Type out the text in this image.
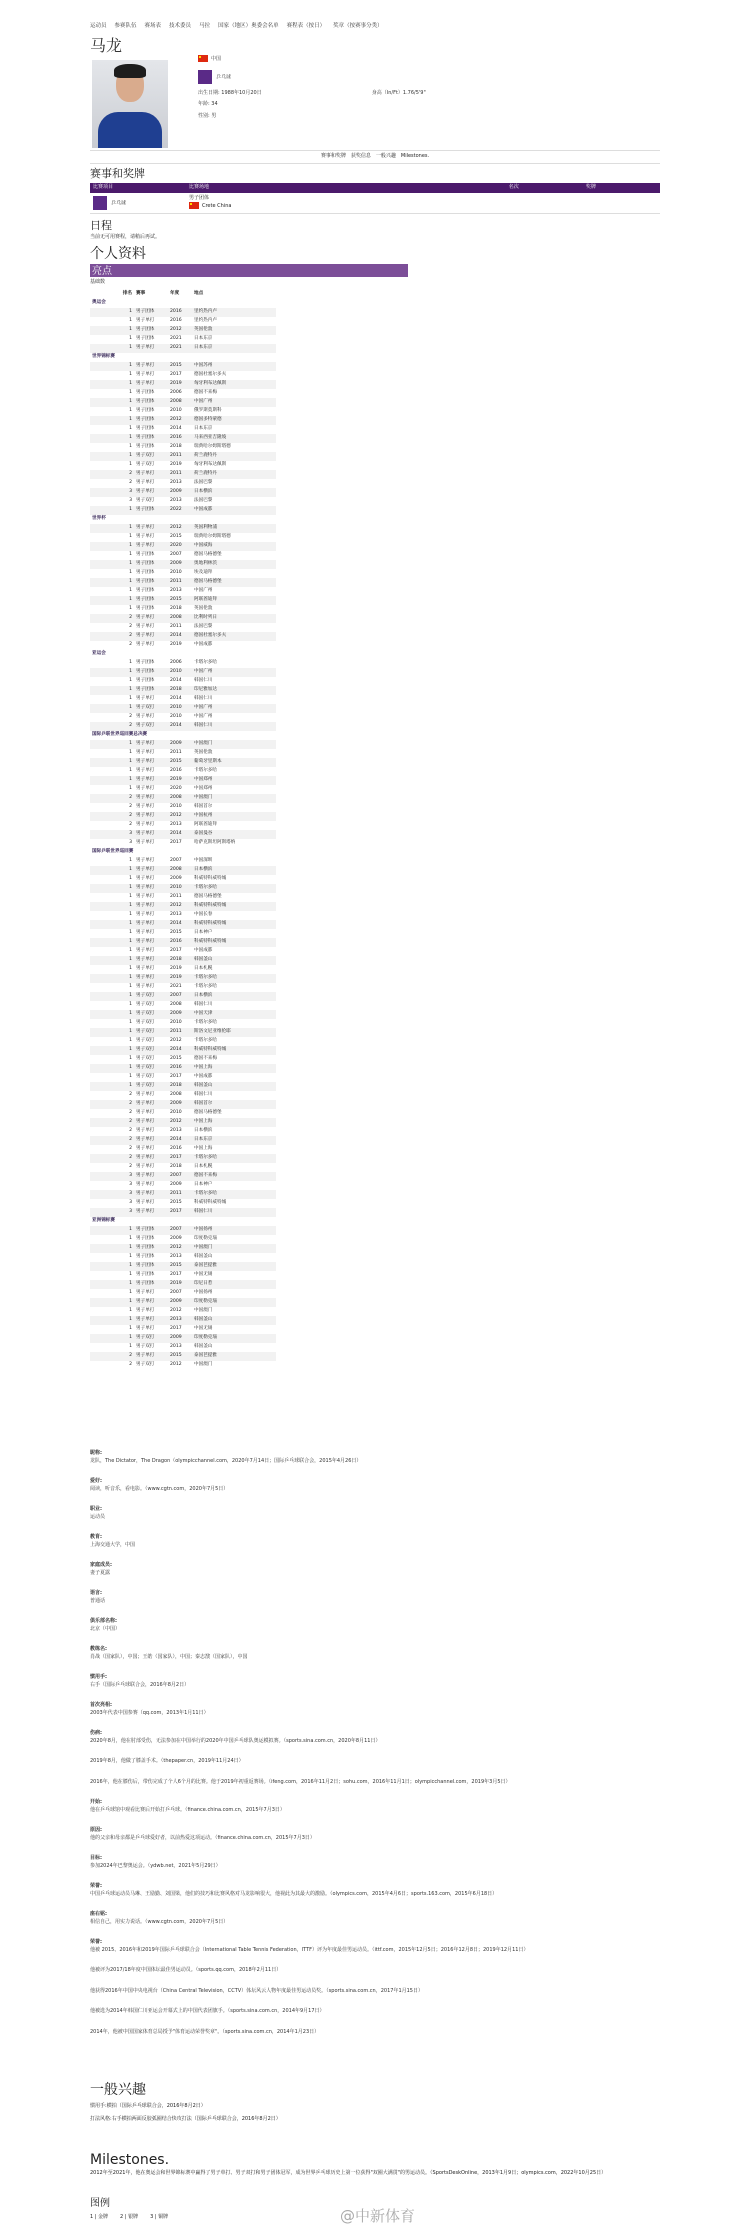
运动员 参赛队伍 赛场表 技术委员 马拉 国家（地区）奥委会名单 赛程表（按日） 奖章（按赛事分类）
马龙
中国
乒乓球
出生日期: 1988年10月20日	身高（In/Ft）1.76/5'9"
年龄: 34
性别: 男
赛事和奖牌　获奖信息　一般兴趣　Milestones.
赛事和奖牌
比赛项目	比赛场地				名次	奖牌
乒乓球	男子团体
Crete China					
日程
当前无可用赛程，请稍后再试。
个人资料
亮点
基础数
排名	赛事	年度	地点
奥运会			
1	男子团体	2016	里约热内卢
1	男子单打	2016	里约热内卢
1	男子团体	2012	英国伦敦
1	男子团体	2021	日本东京
1	男子单打	2021	日本东京
世界锦标赛			
1	男子单打	2015	中国苏州
1	男子单打	2017	德国杜塞尔多夫
1	男子单打	2019	匈牙利布达佩斯
1	男子团体	2006	德国不来梅
1	男子团体	2008	中国广州
1	男子团体	2010	俄罗斯莫斯科
1	男子团体	2012	德国多特蒙德
1	男子团体	2014	日本东京
1	男子团体	2016	马来西亚吉隆坡
1	男子团体	2018	瑞典哈尔姆斯塔德
1	男子双打	2011	荷兰鹿特丹
1	男子双打	2019	匈牙利布达佩斯
2	男子单打	2011	荷兰鹿特丹
2	男子单打	2013	法国巴黎
3	男子单打	2009	日本横滨
3	男子双打	2013	法国巴黎
1	男子团体	2022	中国成都
世界杯			
1	男子单打	2012	英国利物浦
1	男子单打	2015	瑞典哈尔姆斯塔德
1	男子单打	2020	中国威海
1	男子团体	2007	德国马格德堡
1	男子团体	2009	奥地利林茨
1	男子团体	2010	埃及迪拜
1	男子团体	2011	德国马格德堡
1	男子团体	2013	中国广州
1	男子团体	2015	阿联酋迪拜
1	男子团体	2018	英国伦敦
2	男子单打	2008	比利时列日
2	男子单打	2011	法国巴黎
2	男子单打	2014	德国杜塞尔多夫
2	男子单打	2019	中国成都
亚运会			
1	男子团体	2006	卡塔尔多哈
1	男子团体	2010	中国广州
1	男子团体	2014	韩国仁川
1	男子团体	2018	印尼雅加达
1	男子单打	2014	韩国仁川
1	男子双打	2010	中国广州
2	男子单打	2010	中国广州
2	男子双打	2014	韩国仁川
国际乒联世界巡回赛总决赛			
1	男子单打	2009	中国澳门
1	男子单打	2011	英国伦敦
1	男子单打	2015	葡萄牙里斯本
1	男子单打	2016	卡塔尔多哈
1	男子单打	2019	中国郑州
1	男子单打	2020	中国郑州
2	男子单打	2008	中国澳门
2	男子单打	2010	韩国首尔
2	男子单打	2012	中国杭州
2	男子单打	2013	阿联酋迪拜
3	男子单打	2014	泰国曼谷
3	男子单打	2017	哈萨克斯坦阿斯塔纳
国际乒联世界巡回赛			
1	男子单打	2007	中国深圳
1	男子单打	2008	日本横滨
1	男子单打	2009	科威特科威特城
1	男子单打	2010	卡塔尔多哈
1	男子单打	2011	德国马格德堡
1	男子单打	2012	科威特科威特城
1	男子单打	2013	中国长春
1	男子单打	2014	科威特科威特城
1	男子单打	2015	日本神户
1	男子单打	2016	科威特科威特城
1	男子单打	2017	中国成都
1	男子单打	2018	韩国釜山
1	男子单打	2019	日本札幌
1	男子单打	2019	卡塔尔多哈
1	男子单打	2021	卡塔尔多哈
1	男子双打	2007	日本横滨
1	男子双打	2008	韩国仁川
1	男子双打	2009	中国天津
1	男子双打	2010	卡塔尔多哈
1	男子双打	2011	斯洛文尼亚维伦耶
1	男子双打	2012	卡塔尔多哈
1	男子双打	2014	科威特科威特城
1	男子双打	2015	德国不来梅
1	男子双打	2016	中国上海
1	男子双打	2017	中国成都
1	男子双打	2018	韩国釜山
2	男子单打	2008	韩国仁川
2	男子单打	2009	韩国首尔
2	男子单打	2010	德国马格德堡
2	男子单打	2012	中国上海
2	男子单打	2013	日本横滨
2	男子单打	2014	日本东京
2	男子单打	2016	中国上海
2	男子单打	2017	卡塔尔多哈
2	男子单打	2018	日本札幌
3	男子单打	2007	德国不来梅
3	男子单打	2009	日本神户
3	男子单打	2011	卡塔尔多哈
3	男子单打	2015	科威特科威特城
3	男子单打	2017	韩国仁川
亚洲锦标赛			
1	男子团体	2007	中国扬州
1	男子团体	2009	印度勒克瑙
1	男子团体	2012	中国澳门
1	男子团体	2013	韩国釜山
1	男子团体	2015	泰国芭提雅
1	男子团体	2017	中国无锡
1	男子团体	2019	印尼日惹
1	男子单打	2007	中国扬州
1	男子单打	2009	印度勒克瑙
1	男子单打	2012	中国澳门
1	男子单打	2013	韩国釜山
1	男子单打	2017	中国无锡
1	男子双打	2009	印度勒克瑙
1	男子双打	2013	韩国釜山
2	男子单打	2015	泰国芭提雅
2	男子双打	2012	中国澳门

昵称:
龙队，The Dictator，The Dragon（olympicchannel.com，2020年7月14日；国际乒乓球联合会，2015年4月26日）

爱好:
阅读，听音乐，看电影。（www.cgtn.com，2020年7月5日）

职业:
运动员

教育:
上海交通大学，中国

家庭成员:
妻子夏露

语言:
普通话

俱乐部名称:
北京（中国）

教练名:
肖战（国家队），中国；王皓（国家队），中国；秦志戬（国家队），中国

惯用手:
右手（国际乒乓球联合会，2016年8月2日）

首次亮相:
2003年代表中国参赛（qq.com，2013年1月11日）

伤病:
2020年8月，他在肘部受伤，无法参加在中国举行的2020年中国乒乓球队奥运模拟赛。（sports.sina.com.cn，2020年8月11日）

2019年8月，他做了膝盖手术。（thepaper.cn，2019年11月24日）

2016年，他在膝伤后，带伤完成了个人6个月的比赛。他于2019年初重返赛场。（ifeng.com，2016年11月2日；sohu.com，2016年11月1日；olympicchannel.com，2019年3月5日）

开始:
他在乒乓球馆中观看比赛后开始打乒乓球。（finance.china.com.cn，2015年7月3日）

原因:
他的父亲和母亲都是乒乓球爱好者，以前热爱这项运动。（finance.china.com.cn，2015年7月3日）

目标:
参加2024年巴黎奥运会。（ydwb.net，2021年5月29日）

荣誉:
中国乒乓球运动员马琳、王励勤、刘国梁，他们的技巧和比赛风格对马龙影响很大，他视此为其最大的激励。（olympics.com，2015年4月6日；sports.163.com，2015年6月18日）

座右铭:
相信自己，用实力说话。（www.cgtn.com，2020年7月5日）

荣誉:
他被 2015、2016年和2019年国际乒乓球联合会（International Table Tennis Federation，ITTF）评为年度最佳男运动员。（ittf.com，2015年12月5日；2016年12月8日；2019年12月11日）

他被评为2017/18年度中国体坛最佳男运动员。（sports.qq.com，2018年2月11日）

他获得2016年中国中央电视台（China Central Television，CCTV）体坛风云人物年度最佳男运动员奖。（sports.sina.com.cn，2017年1月15日）

他被选为2014年韩国仁川亚运会开幕式上的中国代表团旗手。（sports.sina.com.cn，2014年9月17日）

2014年，他被中国国家体育总局授予"体育运动荣誉奖章"。（sports.sina.com.cn，2014年1月23日）

一般兴趣

惯用手:横拍（国际乒乓球联合会，2016年8月2日）

打法风格:右手横拍两面反胶弧圈结合快攻打法（国际乒乓球联合会，2016年8月2日）

Milestones.
2012年至2021年，他在奥运会和世界锦标赛中赢得了男子单打、男子双打和男子团体冠军，成为世界乒乓球历史上第一位获得"双圈大满贯"的男运动员。（SportsDeskOnline，2013年1月9日；olympics.com，2022年10月25日）
图例
1 | 金牌 2 | 银牌 3 | 铜牌	@中新体育
